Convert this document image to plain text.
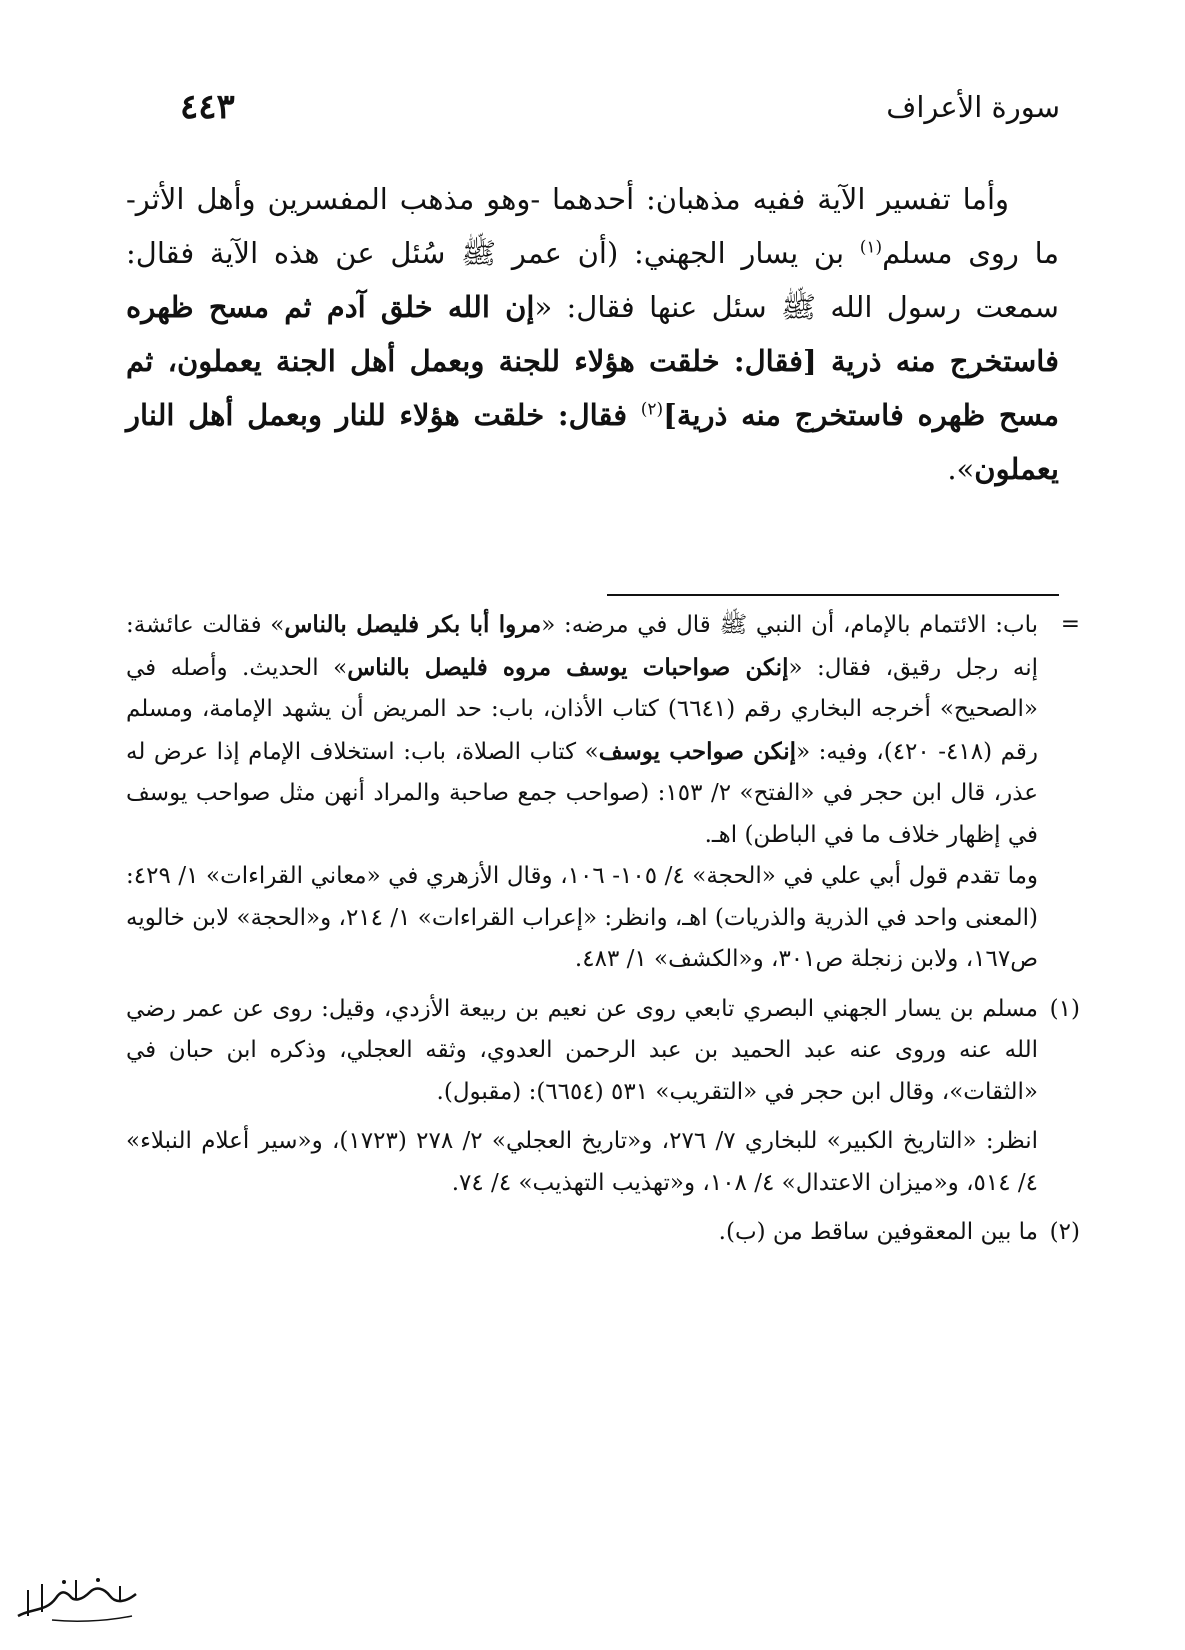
سورة الأعراف
٤٤٣

وأما تفسير الآية ففيه مذهبان: أحدهما -وهو مذهب المفسرين وأهل الأثر- ما روى مسلم$^{(١)}$ بن يسار الجهني: (أن عمر ﷺ سُئل عن هذه الآية فقال: سمعت رسول الله ﷺ سئل عنها فقال: «إن الله خلق آدم ثم مسح ظهره فاستخرج منه ذرية [فقال: خلقت هؤلاء للجنة وبعمل أهل الجنة يعملون، ثم مسح ظهره فاستخرج منه ذرية]$^{(٢)}$ فقال: خلقت هؤلاء للنار وبعمل أهل النار يعملون».

=
باب: الائتمام بالإمام، أن النبي ﷺ قال في مرضه: «مروا أبا بكر فليصل بالناس» فقالت عائشة: إنه رجل رقيق، فقال: «إنكن صواحبات يوسف مروه فليصل بالناس» الحديث. وأصله في «الصحيح» أخرجه البخاري رقم (٦٦٤١) كتاب الأذان، باب: حد المريض أن يشهد الإمامة، ومسلم رقم (٤١٨- ٤٢٠)، وفيه: «إنكن صواحب يوسف» كتاب الصلاة، باب: استخلاف الإمام إذا عرض له عذر، قال ابن حجر في «الفتح» ٢/ ١٥٣: (صواحب جمع صاحبة والمراد أنهن مثل صواحب يوسف في إظهار خلاف ما في الباطن) اهـ.

وما تقدم قول أبي علي في «الحجة» ٤/ ١٠٥- ١٠٦، وقال الأزهري في «معاني القراءات» ١/ ٤٢٩: (المعنى واحد في الذرية والذريات) اهـ، وانظر: «إعراب القراءات» ١/ ٢١٤، و«الحجة» لابن خالويه ص١٦٧، ولابن زنجلة ص٣٠١، و«الكشف» ١/ ٤٨٣.

(١)
مسلم بن يسار الجهني البصري تابعي روى عن نعيم بن ربيعة الأزدي، وقيل: روى عن عمر رضي الله عنه وروى عنه عبد الحميد بن عبد الرحمن العدوي، وثقه العجلي، وذكره ابن حبان في «الثقات»، وقال ابن حجر في «التقريب» ٥٣١ (٦٦٥٤): (مقبول).

انظر: «التاريخ الكبير» للبخاري ٧/ ٢٧٦، و«تاريخ العجلي» ٢/ ٢٧٨ (١٧٢٣)، و«سير أعلام النبلاء» ٤/ ٥١٤، و«ميزان الاعتدال» ٤/ ١٠٨، و«تهذيب التهذيب» ٤/ ٧٤.

(٢)
ما بين المعقوفين ساقط من (ب).
